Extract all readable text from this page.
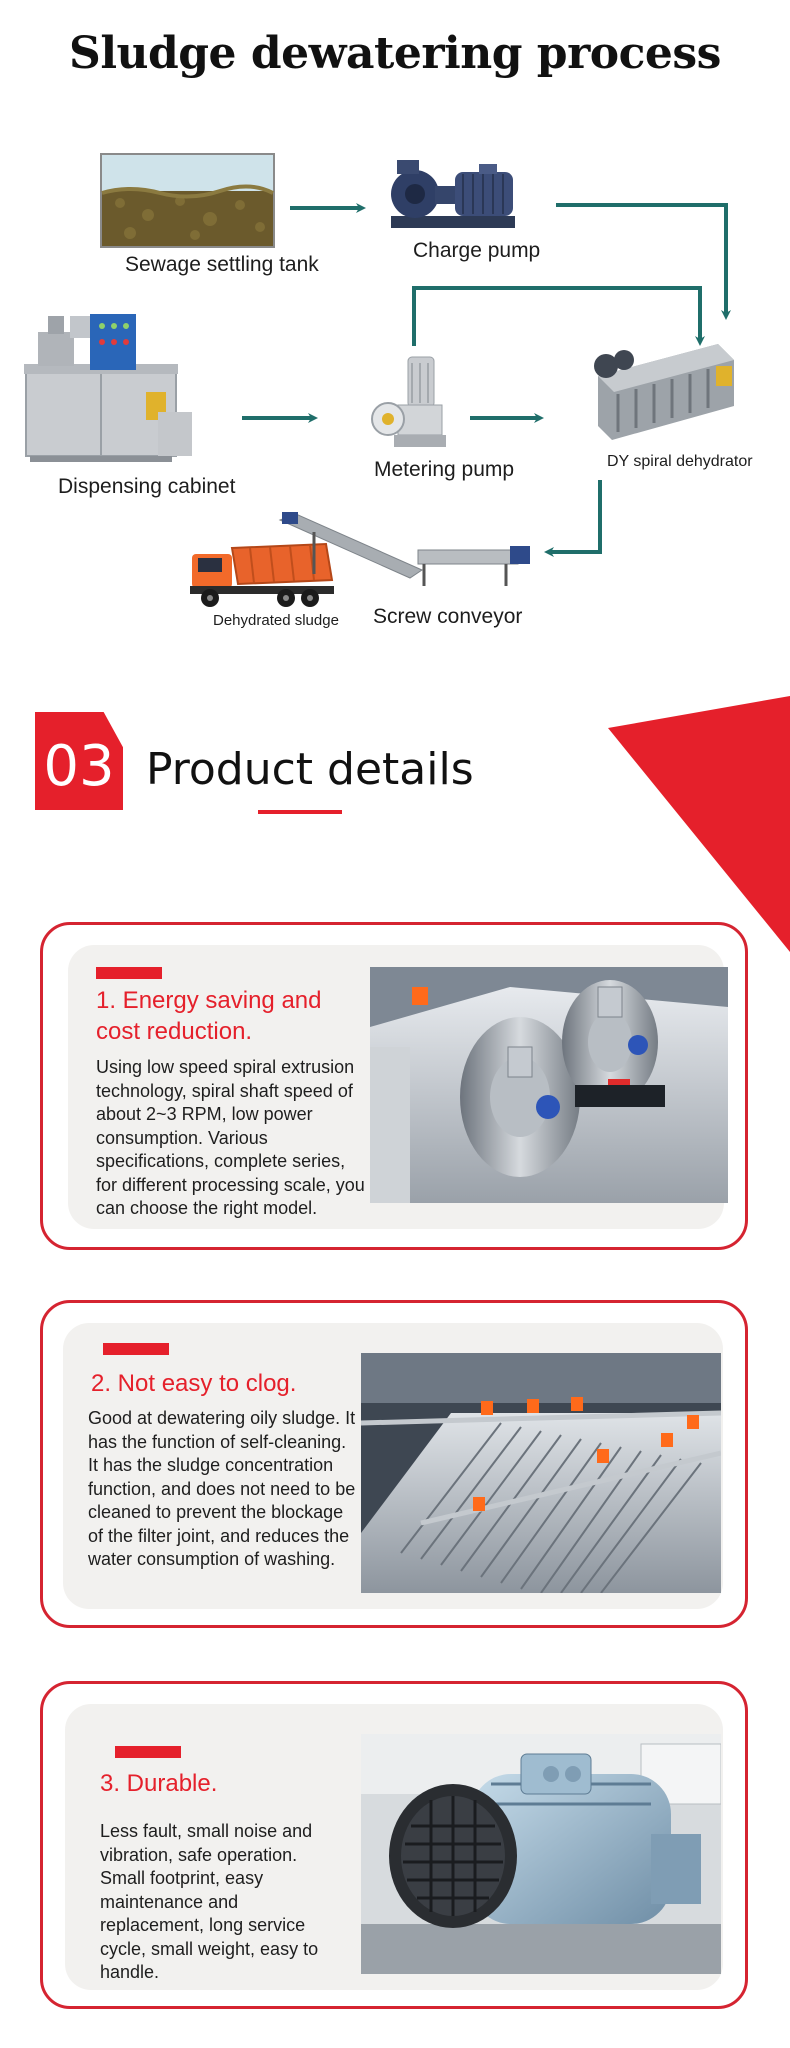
Sludge dewatering process
Sewage settling tank
Charge pump
Dispensing cabinet
Metering pump	DY spiral dehydrator
Dehydrated sludge Screw conveyor
03 Product details
1. Energy saving and cost reduction.
Using low speed spiral extrusion technology, spiral shaft speed of about 2~3 RPM, low power consumption. Various specifications, complete series, for different processing scale, you can choose the right model.
2. Not easy to clog.
Good at dewatering oily sludge. It has the function of self-cleaning. It has the sludge concentration function, and does not need to be cleaned to prevent the blockage of the filter joint, and reduces the water consumption of washing.
3. Durable.
Less fault, small noise and vibration, safe operation. Small footprint, easy maintenance and replacement, long service cycle, small weight, easy to handle.
